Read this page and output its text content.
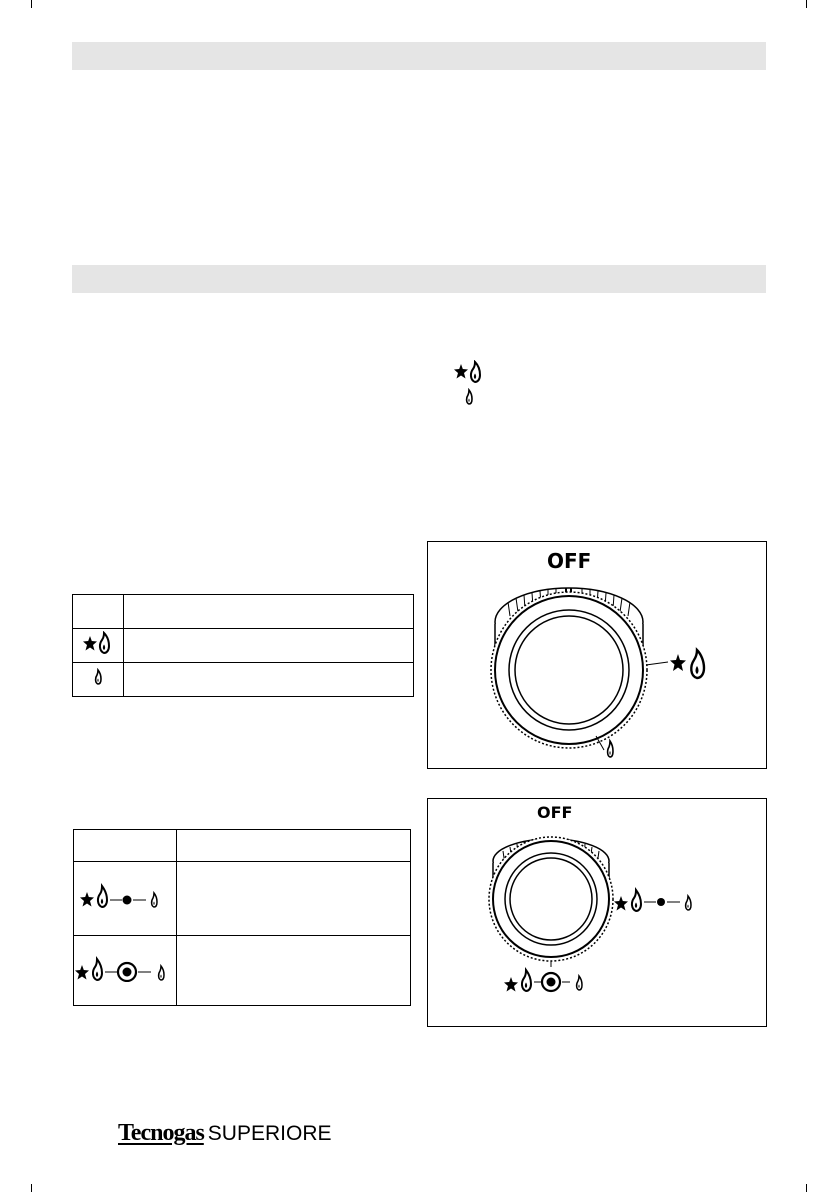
OFF

OFF
Tecnogas SUPERIORE
